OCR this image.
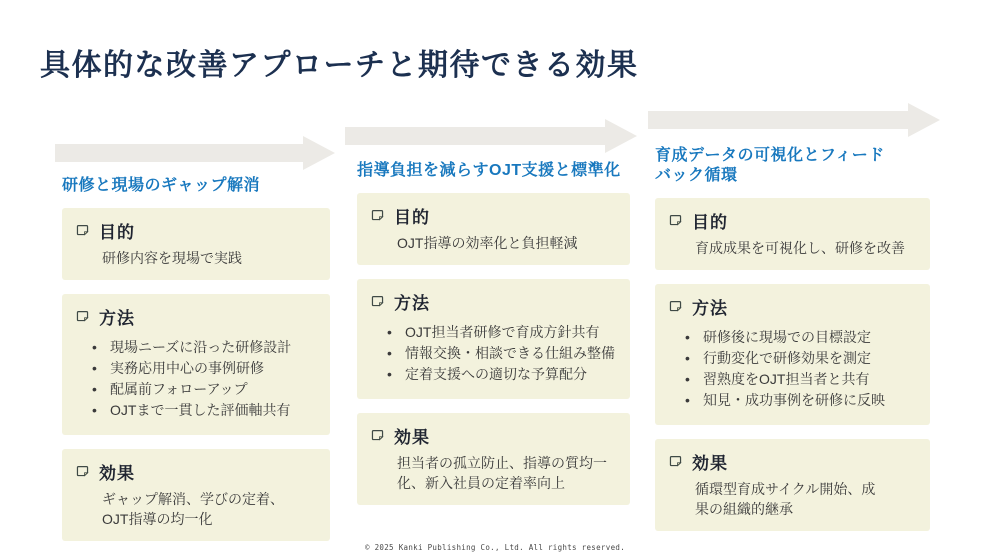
具体的な改善アプローチと期待できる効果
研修と現場のギャップ解消
目的
研修内容を現場で実践
方法
• 現場ニーズに沿った研修設計
• 実務応用中心の事例研修
• 配属前フォローアップ
• OJTまで一貫した評価軸共有
効果
ギャップ解消、学びの定着、OJT指導の均一化
指導負担を減らすOJT支援と標準化
目的
OJT指導の効率化と負担軽減
方法
• OJT担当者研修で育成方針共有
• 情報交換・相談できる仕組み整備
• 定着支援への適切な予算配分
効果
担当者の孤立防止、指導の質均一化、新入社員の定着率向上
育成データの可視化とフィード
バック循環
目的
育成成果を可視化し、研修を改善
方法
• 研修後に現場での目標設定
• 行動変化で研修効果を測定
• 習熟度をOJT担当者と共有
• 知見・成功事例を研修に反映
効果
循環型育成サイクル開始、成果の組織的継承
© 2025 Kanki Publishing Co., Ltd. All rights reserved.
